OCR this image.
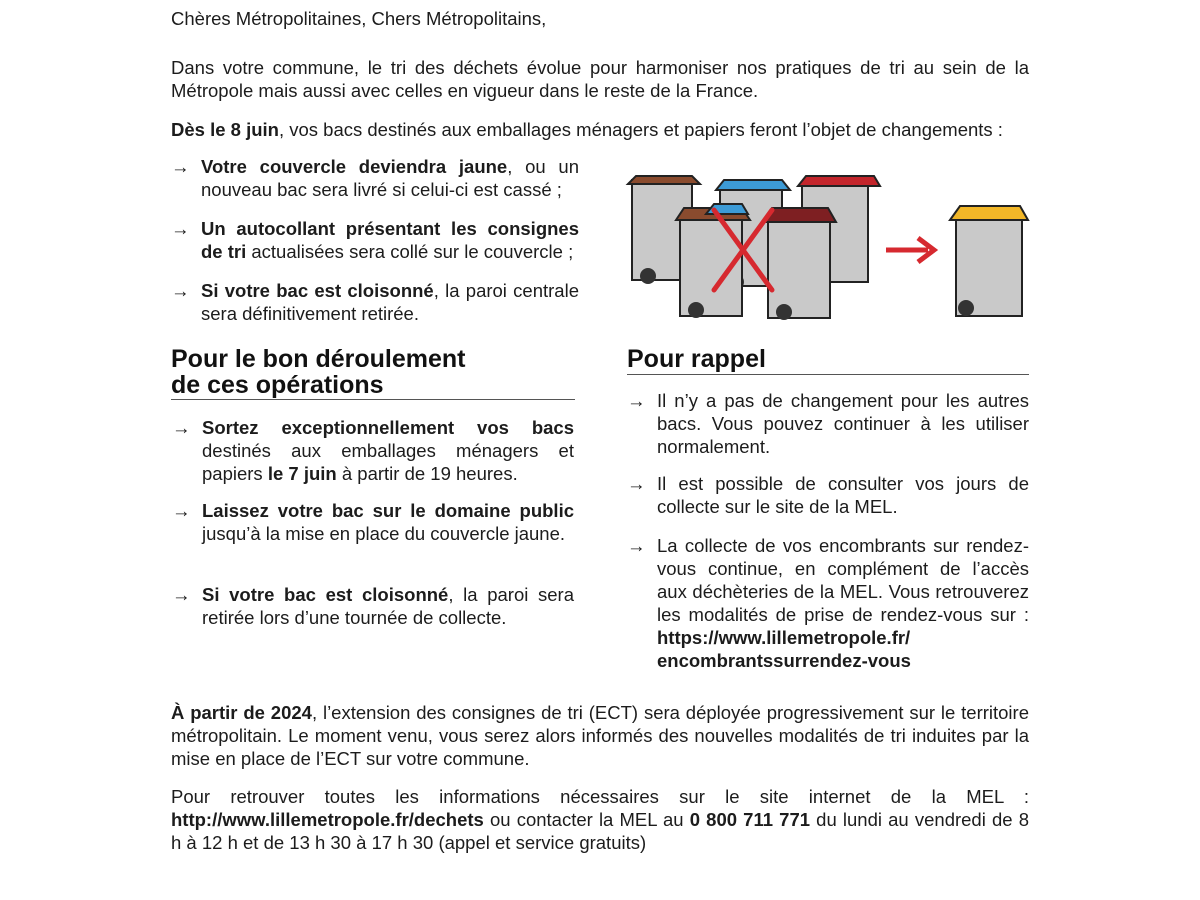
Chères Métropolitaines, Chers Métropolitains,

Dans votre commune, le tri des déchets évolue pour harmoniser nos pratiques de tri au sein de la Métropole mais aussi avec celles en vigueur dans le reste de la France.

Dès le 8 juin, vos bacs destinés aux emballages ménagers et papiers feront l’objet de changements :

→ Votre couvercle deviendra jaune, ou un nouveau bac sera livré si celui-ci est cassé ;
→ Un autocollant présentant les consignes de tri actualisées sera collé sur le couvercle ;
→ Si votre bac est cloisonné, la paroi centrale sera définitivement retirée.
Pour le bon déroulement
de ces opérations
→ Sortez exceptionnellement vos bacs destinés aux emballages ménagers et papiers le 7 juin à partir de 19 heures.
→ Laissez votre bac sur le domaine public jusqu’à la mise en place du couvercle jaune.
→ Si votre bac est cloisonné, la paroi sera retirée lors d’une tournée de collecte.
Pour rappel
→ Il n’y a pas de changement pour les autres bacs. Vous pouvez continuer à les utiliser normalement.
→ Il est possible de consulter vos jours de collecte sur le site de la MEL.
→ La collecte de vos encombrants sur rendez-vous continue, en complément de l’accès aux déchèteries de la MEL. Vous retrouverez les modalités de prise de rendez-vous sur : https://www.lillemetropole.fr/ encombrantssurrendez-vous

À partir de 2024, l’extension des consignes de tri (ECT) sera déployée progressivement sur le territoire métropolitain. Le moment venu, vous serez alors informés des nouvelles modalités de tri induites par la mise en place de l’ECT sur votre commune.

Pour retrouver toutes les informations nécessaires sur le site internet de la MEL : http://www.lillemetropole.fr/dechets ou contacter la MEL au 0 800 711 771 du lundi au vendredi de 8 h à 12 h et de 13 h 30 à 17 h 30 (appel et service gratuits)
